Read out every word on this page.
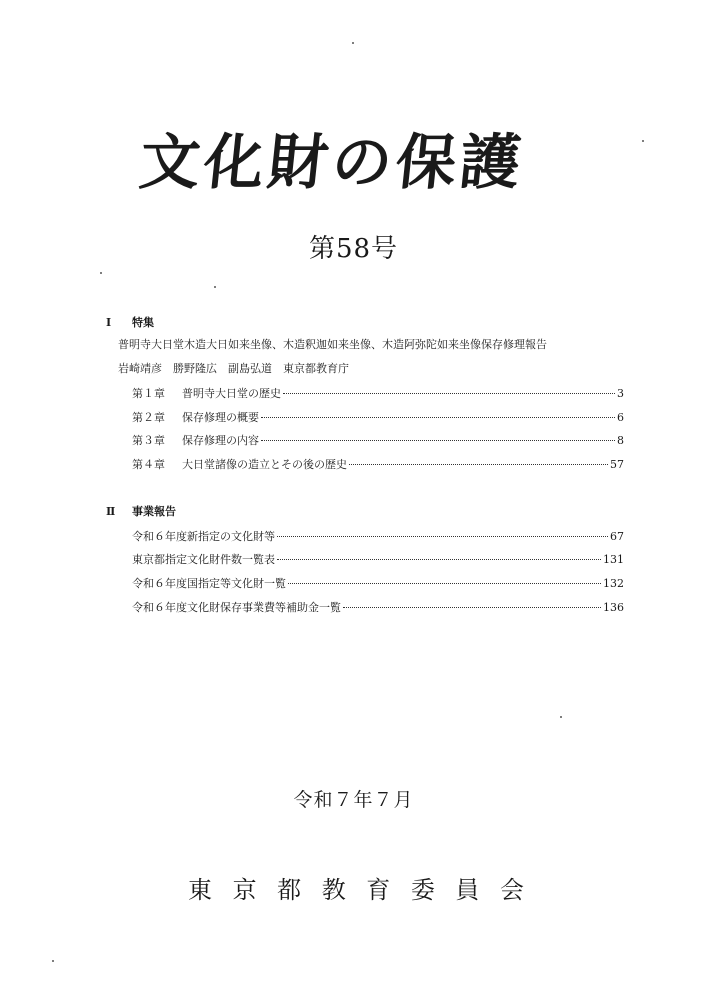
文化財の保護
第58号
I 特集
普明寺大日堂木造大日如来坐像、木造釈迦如来坐像、木造阿弥陀如来坐像保存修理報告
岩崎靖彦　勝野隆広　副島弘道　東京都教育庁
第１章	普明寺大日堂の歴史	3
第２章	保存修理の概要	6
第３章	保存修理の内容	8
第４章	大日堂諸像の造立とその後の歴史	57
Ⅱ 事業報告
令和６年度新指定の文化財等	67
東京都指定文化財件数一覧表	131
令和６年度国指定等文化財一覧	132
令和６年度文化財保存事業費等補助金一覧	136
令和７年７月
東 京 都 教 育 委 員 会
